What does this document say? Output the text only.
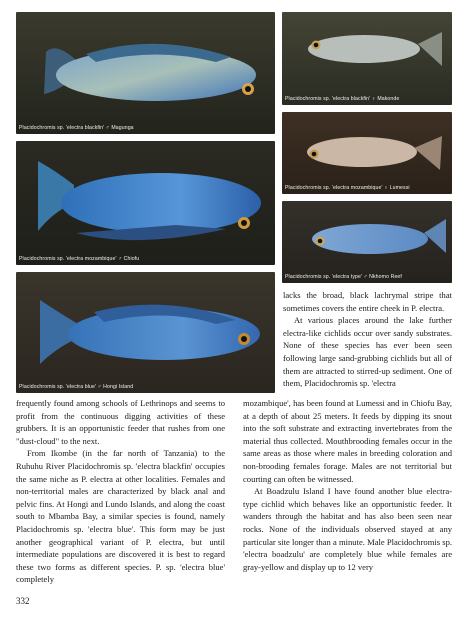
Placidochromis sp. 'electra blackfin' ♂ Magunga
Placidochromis sp. 'electra mozambique' ♂ Chiofu
Placidochromis sp. 'electra blue' ♂ Hongi Island
Placidochromis sp. 'electra blackfin' ♀ Makonde
Placidochromis sp. 'electra mozambique' ♀ Lumessi
Placidochromis sp. 'electra type' ♂ Nkhomo Reef

lacks the broad, black lachrymal stripe that sometimes covers the entire cheek in P. electra.

At various places around the lake further electra-like cichlids occur over sandy substrates. None of these species has ever been seen following large sand-grubbing cichlids but all of them are attracted to stirred-up sediment. One of them, Placidochromis sp. 'electra

frequently found among schools of Lethrinops and seems to profit from the continuous digging activities of these grubbers. It is an opportunistic feeder that rushes from one "dust-cloud" to the next.

From Ikombe (in the far north of Tanzania) to the Ruhuhu River Placidochromis sp. 'electra blackfin' occupies the same niche as P. electra at other localities. Females and non-territorial males are characterized by black anal and pelvic fins. At Hongi and Lundo Islands, and along the coast south to Mbamba Bay, a similar species is found, namely Placidochromis sp. 'electra blue'. This form may be just another geographical variant of P. electra, but until intermediate populations are discovered it is best to regard these two forms as different species. P. sp. 'electra blue' completely

mozambique', has been found at Lumessi and in Chiofu Bay, at a depth of about 25 meters. It feeds by dipping its snout into the soft substrate and extracting invertebrates from the material thus collected. Mouthbrooding females occur in the same areas as those where males in breeding coloration and non-brooding females forage. Males are not territorial but courting can often be witnessed.

At Boadzulu Island I have found another blue electra-type cichlid which behaves like an opportunistic feeder. It wanders through the habitat and has also been seen near rocks. None of the individuals observed stayed at any particular site longer than a minute. Male Placidochromis sp. 'electra boadzulu' are completely blue while females are gray-yellow and display up to 12 very

332
